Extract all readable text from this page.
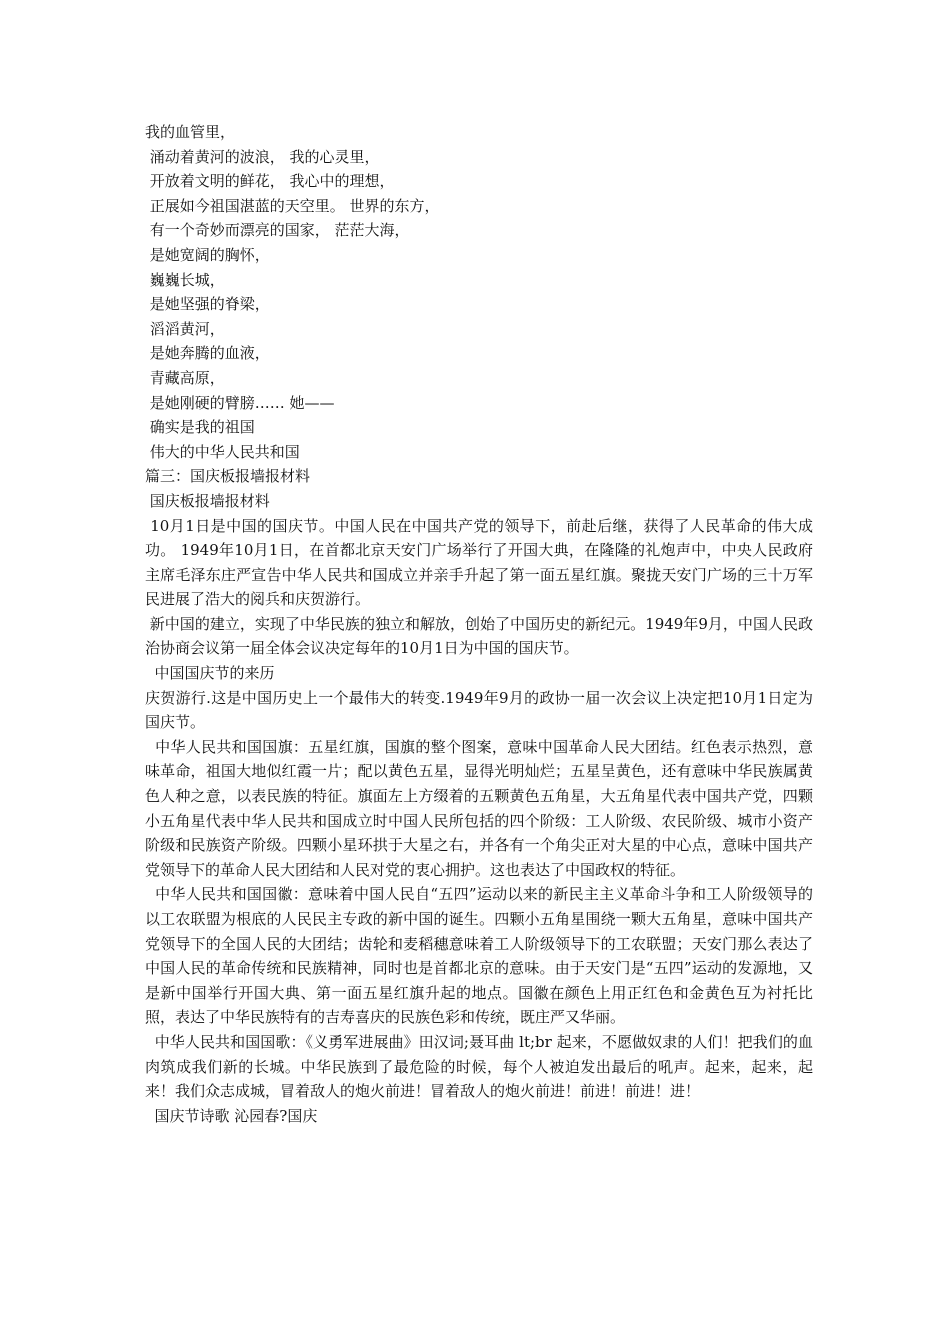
我的血管里，
涌动着黄河的波浪， 我的心灵里，
开放着文明的鲜花， 我心中的理想，
正展如今祖国湛蓝的天空里。 世界的东方，
有一个奇妙而漂亮的国家， 茫茫大海，
是她宽阔的胸怀，
巍巍长城，
是她坚强的脊梁，
滔滔黄河，
是她奔腾的血液，
青藏高原，
是她刚硬的臂膀…… 她——
确实是我的祖国
伟大的中华人民共和国
篇三：国庆板报墙报材料
国庆板报墙报材料

10月1日是中国的国庆节。中国人民在中国共产党的领导下，前赴后继，获得了人民革命的伟大成功。 1949年10月1日，在首都北京天安门广场举行了开国大典，在隆隆的礼炮声中，中央人民政府主席毛泽东庄严宣告中华人民共和国成立并亲手升起了第一面五星红旗。聚拢天安门广场的三十万军民进展了浩大的阅兵和庆贺游行。

新中国的建立，实现了中华民族的独立和解放，创始了中国历史的新纪元。1949年9月，中国人民政治协商会议第一届全体会议决定每年的10月1日为中国的国庆节。

中国国庆节的来历

庆贺游行.这是中国历史上一个最伟大的转变.1949年9月的政协一届一次会议上决定把10月1日定为国庆节。

中华人民共和国国旗：五星红旗，国旗的整个图案，意味中国革命人民大团结。红色表示热烈，意味革命，祖国大地似红霞一片；配以黄色五星，显得光明灿烂；五星呈黄色，还有意味中华民族属黄色人种之意，以表民族的特征。旗面左上方缀着的五颗黄色五角星，大五角星代表中国共产党，四颗小五角星代表中华人民共和国成立时中国人民所包括的四个阶级：工人阶级、农民阶级、城市小资产阶级和民族资产阶级。四颗小星环拱于大星之右，并各有一个角尖正对大星的中心点，意味中国共产党领导下的革命人民大团结和人民对党的衷心拥护。这也表达了中国政权的特征。

中华人民共和国国徽：意味着中国人民自“五四”运动以来的新民主主义革命斗争和工人阶级领导的以工农联盟为根底的人民民主专政的新中国的诞生。四颗小五角星围绕一颗大五角星，意味中国共产党领导下的全国人民的大团结；齿轮和麦稻穗意味着工人阶级领导下的工农联盟；天安门那么表达了中国人民的革命传统和民族精神，同时也是首都北京的意味。由于天安门是“五四”运动的发源地，又是新中国举行开国大典、第一面五星红旗升起的地点。国徽在颜色上用正红色和金黄色互为衬托比照，表达了中华民族特有的吉寿喜庆的民族色彩和传统，既庄严又华丽。

中华人民共和国国歌：《义勇军进展曲》田汉词;聂耳曲 lt;br 起来，不愿做奴隶的人们！把我们的血肉筑成我们新的长城。中华民族到了最危险的时候，每个人被迫发出最后的吼声。起来，起来，起来！我们众志成城，冒着敌人的炮火前进！冒着敌人的炮火前进！前进！前进！进！

国庆节诗歌 沁园春?国庆
